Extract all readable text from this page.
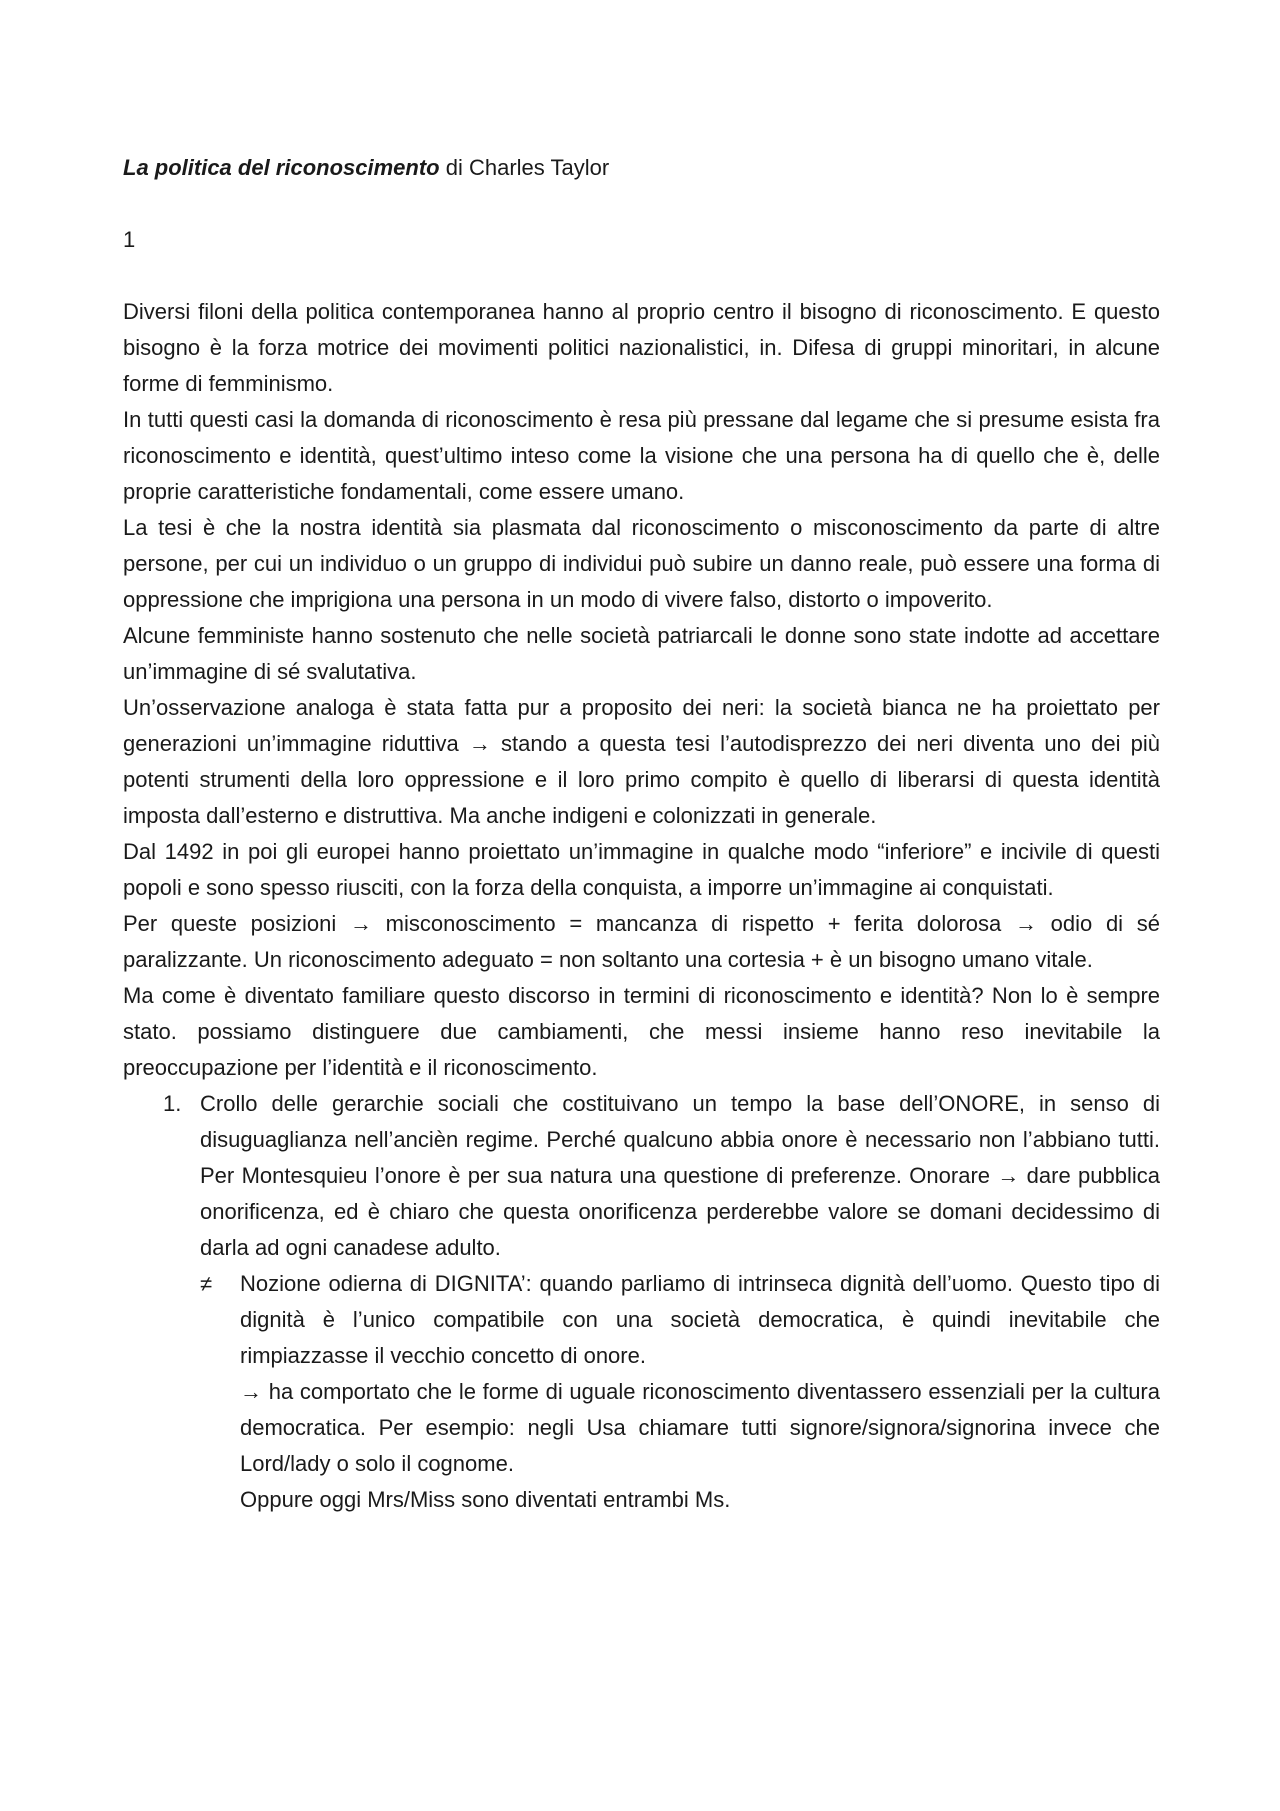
La politica del riconoscimento di Charles Taylor

1

Diversi filoni della politica contemporanea hanno al proprio centro il bisogno di riconoscimento. E questo bisogno è la forza motrice dei movimenti politici nazionalistici, in. Difesa di gruppi minoritari, in alcune forme di femminismo.

In tutti questi casi la domanda di riconoscimento è resa più pressane dal legame che si presume esista fra riconoscimento e identità, quest’ultimo inteso come la visione che una persona ha di quello che è, delle proprie caratteristiche fondamentali, come essere umano.

La tesi è che la nostra identità sia plasmata dal riconoscimento o misconoscimento da parte di altre persone, per cui un individuo o un gruppo di individui può subire un danno reale, può essere una forma di oppressione che imprigiona una persona in un modo di vivere falso, distorto o impoverito.

Alcune femministe hanno sostenuto che nelle società patriarcali le donne sono state indotte ad accettare un’immagine di sé svalutativa.

Un’osservazione analoga è stata fatta pur a proposito dei neri: la società bianca ne ha proiettato per generazioni un’immagine riduttiva → stando a questa tesi l’autodisprezzo dei neri diventa uno dei più potenti strumenti della loro oppressione e il loro primo compito è quello di liberarsi di questa identità imposta dall’esterno e distruttiva. Ma anche indigeni e colonizzati in generale.

Dal 1492 in poi gli europei hanno proiettato un’immagine in qualche modo “inferiore” e incivile di questi popoli e sono spesso riusciti, con la forza della conquista, a imporre un’immagine ai conquistati.

Per queste posizioni → misconoscimento = mancanza di rispetto + ferita dolorosa → odio di sé paralizzante. Un riconoscimento adeguato = non soltanto una cortesia + è un bisogno umano vitale.

Ma come è diventato familiare questo discorso in termini di riconoscimento e identità? Non lo è sempre stato. possiamo distinguere due cambiamenti, che messi insieme hanno reso inevitabile la preoccupazione per l’identità e il riconoscimento.

1. Crollo delle gerarchie sociali che costituivano un tempo la base dell’ONORE, in senso di disuguaglianza nell’ancièn regime. Perché qualcuno abbia onore è necessario non l’abbiano tutti. Per Montesquieu l’onore è per sua natura una questione di preferenze. Onorare → dare pubblica onorificenza, ed è chiaro che questa onorificenza perderebbe valore se domani decidessimo di darla ad ogni canadese adulto.

≠ Nozione odierna di DIGNITA’: quando parliamo di intrinseca dignità dell’uomo. Questo tipo di dignità è l’unico compatibile con una società democratica, è quindi inevitabile che rimpiazzasse il vecchio concetto di onore.

→ ha comportato che le forme di uguale riconoscimento diventassero essenziali per la cultura democratica. Per esempio: negli Usa chiamare tutti signore/signora/signorina invece che Lord/lady o solo il cognome.

Oppure oggi Mrs/Miss sono diventati entrambi Ms.
